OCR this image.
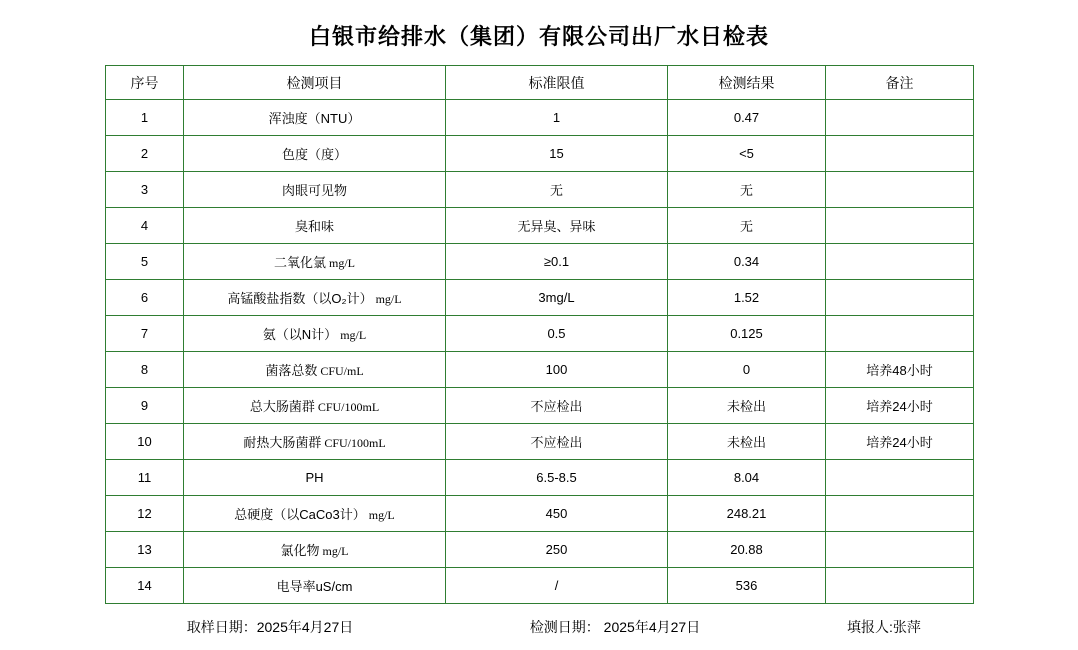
白银市给排水（集团）有限公司出厂水日检表
序号	检测项目	标准限值	检测结果	备注
1	浑浊度（NTU）	1	0.47	
2	色度（度）	15	<5	
3	肉眼可见物	无	无	
4	臭和味	无异臭、异味	无	
5	二氧化氯 mg/L	≥0.1	0.34	
6	高锰酸盐指数（以O₂计） mg/L	3mg/L	1.52	
7	氨（以N计） mg/L	0.5	0.125	
8	菌落总数 CFU/mL	100	0	培养48小时
9	总大肠菌群 CFU/100mL	不应检出	未检出	培养24小时
10	耐热大肠菌群 CFU/100mL	不应检出	未检出	培养24小时
11	PH	6.5-8.5	8.04	
12	总硬度（以CaCo3计） mg/L	450	248.21	
13	氯化物 mg/L	250	20.88	
14	电导率uS/cm	/	536	
取样日期：2025年4月27日	检测日期： 2025年4月27日	填报人:张萍
